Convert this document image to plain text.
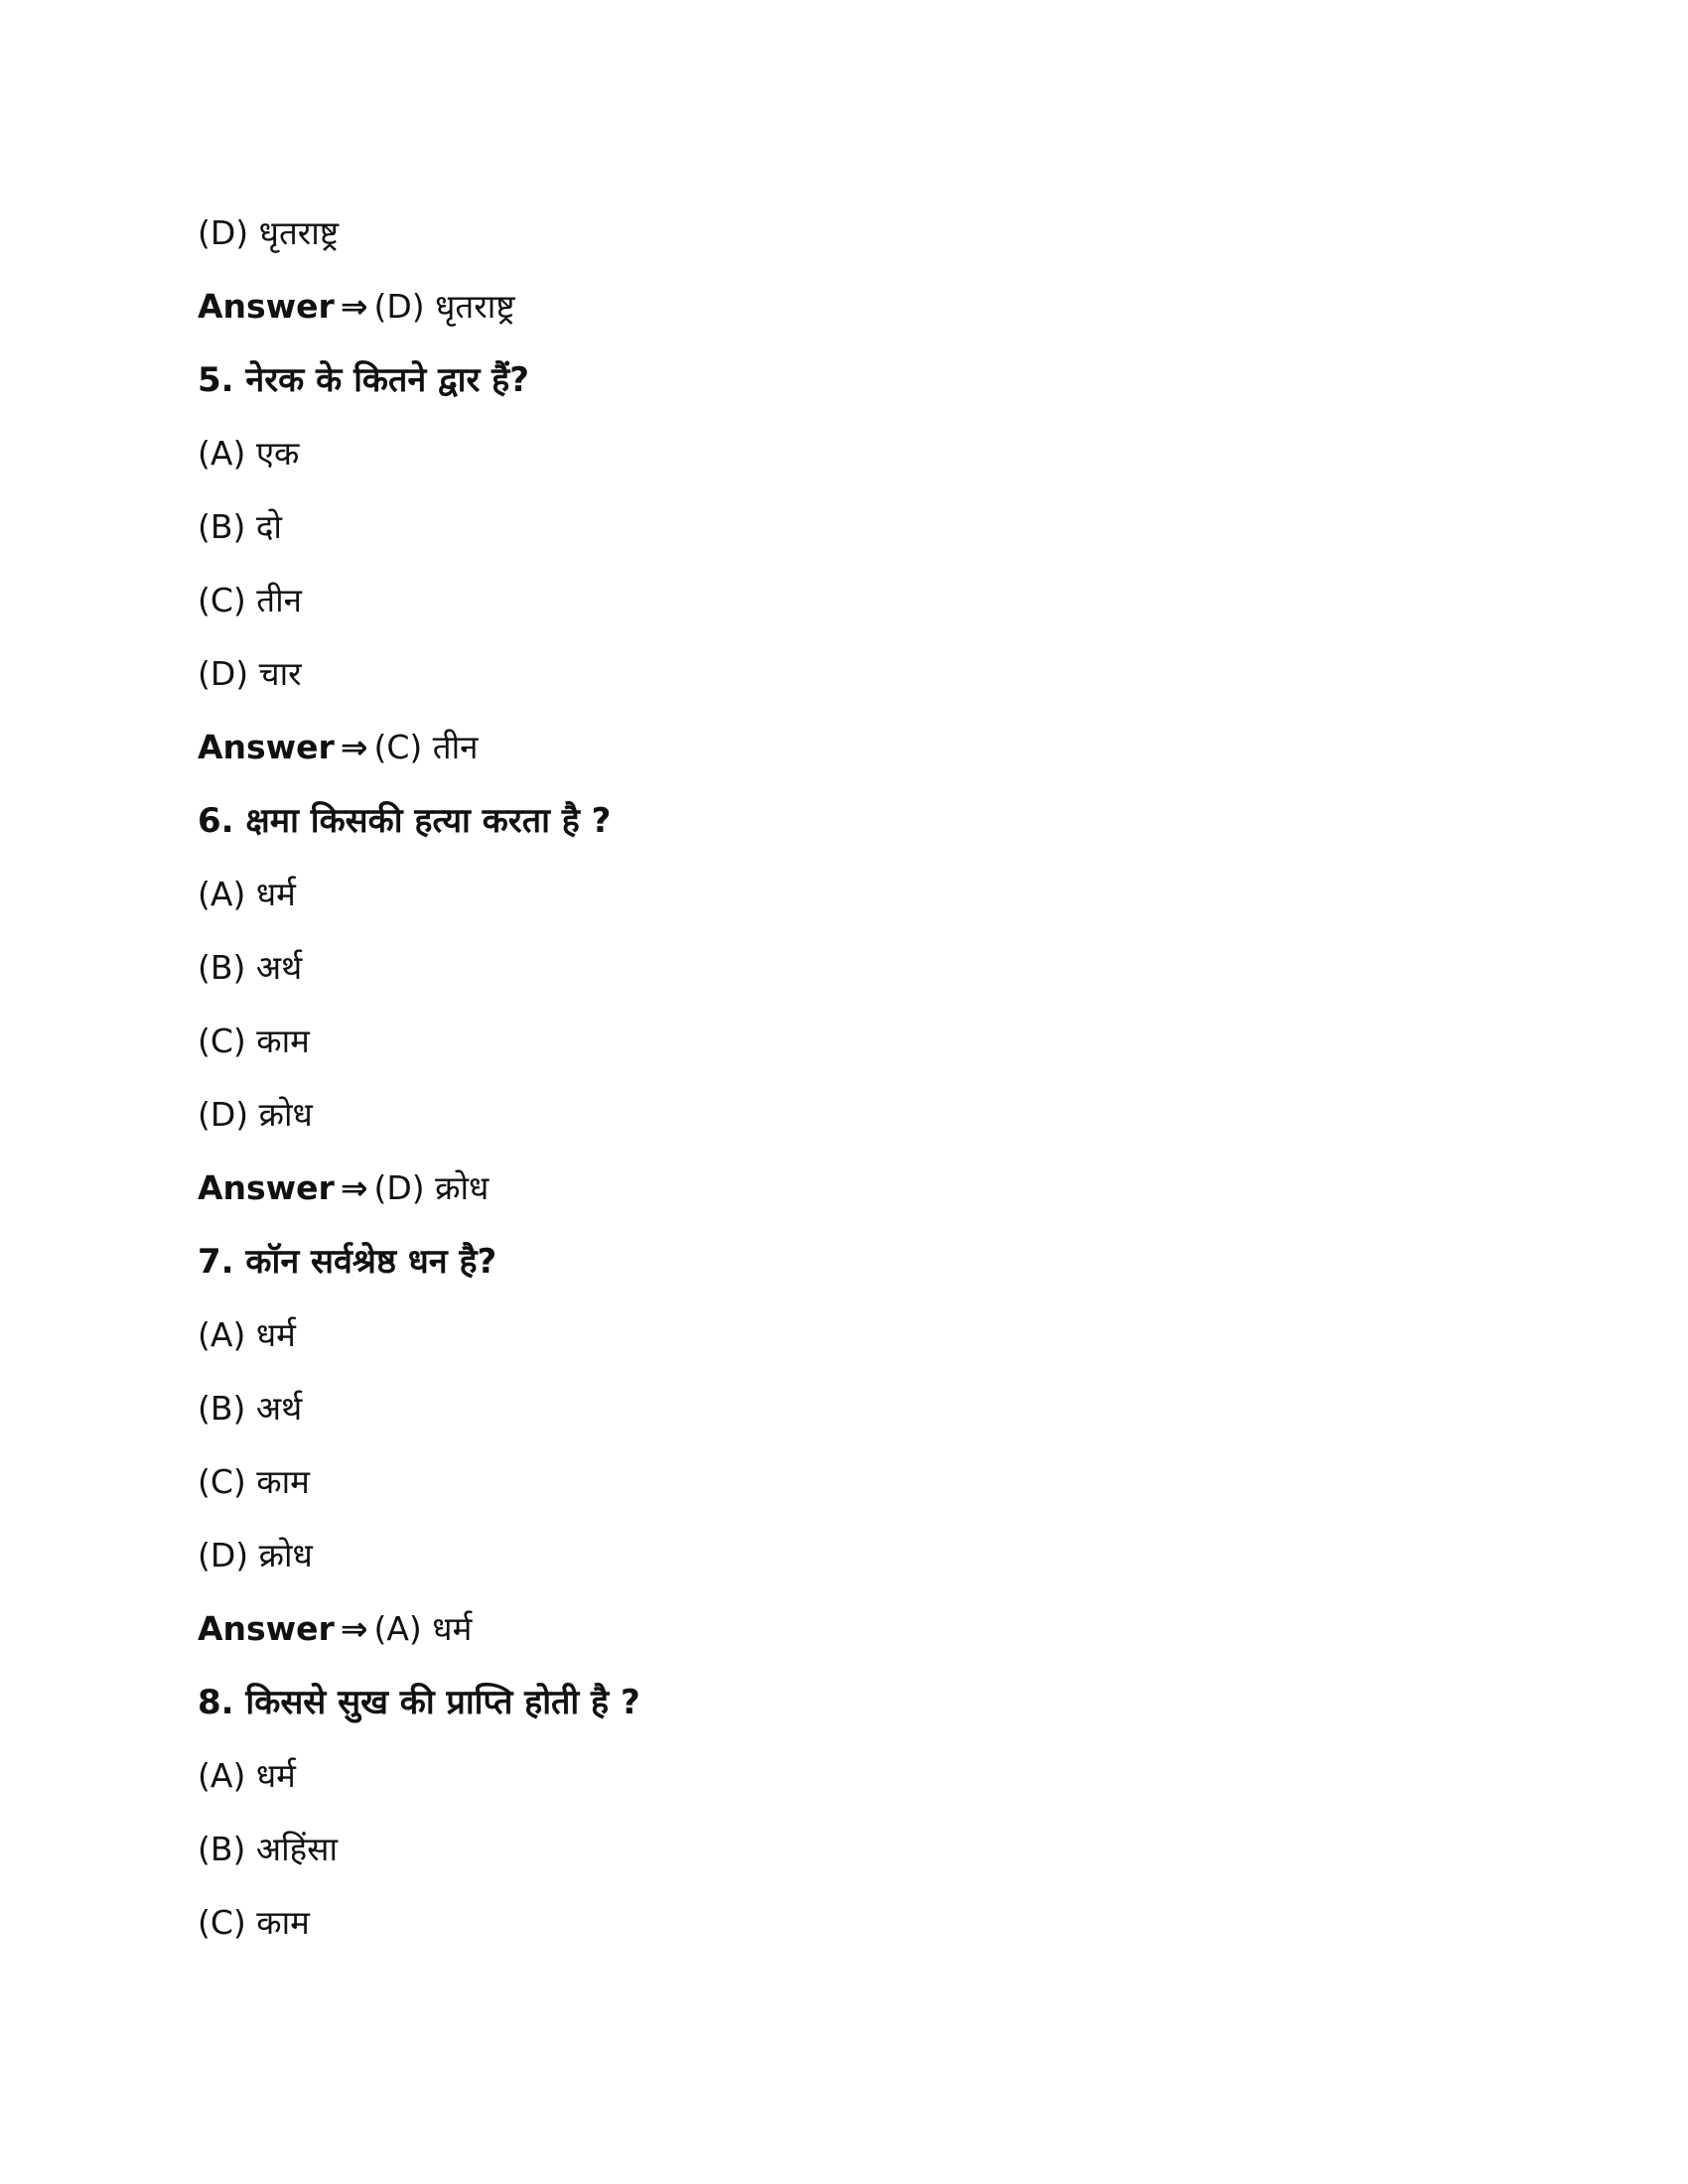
(D) धृतराष्ट्र
Answer ⇒ (D) धृतराष्ट्र
5. नेरक के कितने द्वार हैं?
(A) एक
(B) दो
(C) तीन
(D) चार
Answer ⇒ (C) तीन
6. क्षमा किसकी हत्या करता है ?
(A) धर्म
(B) अर्थ
(C) काम
(D) क्रोध
Answer ⇒ (D) क्रोध
7. कॉन सर्वश्रेष्ठ धन है?
(A) धर्म
(B) अर्थ
(C) काम
(D) क्रोध
Answer ⇒ (A) धर्म
8. किससे सुख की प्राप्ति होती है ?
(A) धर्म
(B) अहिंसा
(C) काम
